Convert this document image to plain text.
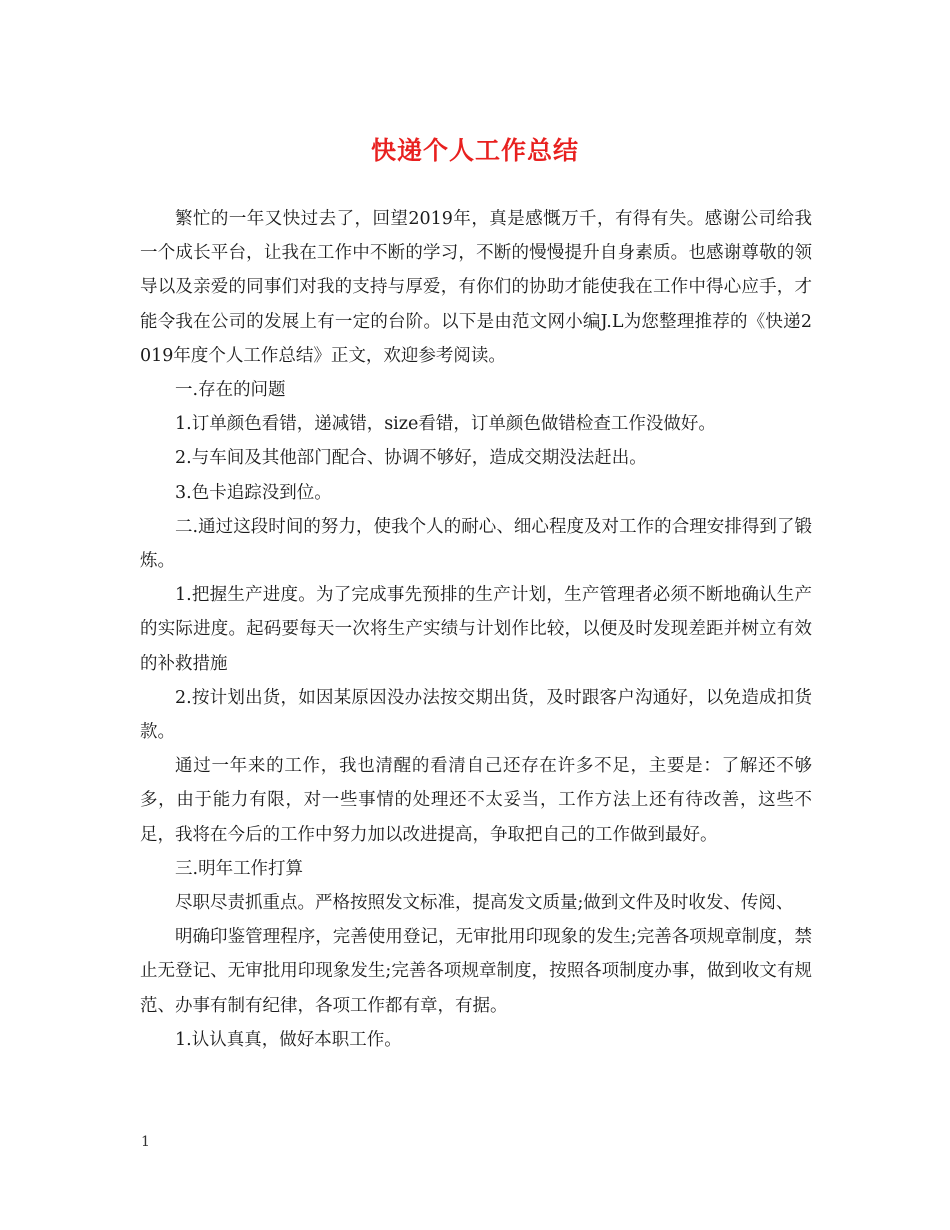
快递个人工作总结

繁忙的一年又快过去了，回望2019年，真是感慨万千，有得有失。感谢公司给我一个成长平台，让我在工作中不断的学习，不断的慢慢提升自身素质。也感谢尊敬的领导以及亲爱的同事们对我的支持与厚爱，有你们的协助才能使我在工作中得心应手，才能令我在公司的发展上有一定的台阶。以下是由范文网小编J.L为您整理推荐的《快递2019年度个人工作总结》正文，欢迎参考阅读。

一.存在的问题

1.订单颜色看错，递减错，size看错，订单颜色做错检查工作没做好。

2.与车间及其他部门配合、协调不够好，造成交期没法赶出。

3.色卡追踪没到位。

二.通过这段时间的努力，使我个人的耐心、细心程度及对工作的合理安排得到了锻炼。

1.把握生产进度。为了完成事先预排的生产计划，生产管理者必须不断地确认生产的实际进度。起码要每天一次将生产实绩与计划作比较，以便及时发现差距并树立有效的补救措施

2.按计划出货，如因某原因没办法按交期出货，及时跟客户沟通好，以免造成扣货款。

通过一年来的工作，我也清醒的看清自己还存在许多不足，主要是：了解还不够多，由于能力有限，对一些事情的处理还不太妥当，工作方法上还有待改善，这些不足，我将在今后的工作中努力加以改进提高，争取把自己的工作做到最好。

三.明年工作打算

尽职尽责抓重点。严格按照发文标准，提高发文质量;做到文件及时收发、传阅、

明确印鉴管理程序，完善使用登记，无审批用印现象的发生;完善各项规章制度，禁止无登记、无审批用印现象发生;完善各项规章制度，按照各项制度办事，做到收文有规范、办事有制有纪律，各项工作都有章，有据。

1.认认真真，做好本职工作。

1
